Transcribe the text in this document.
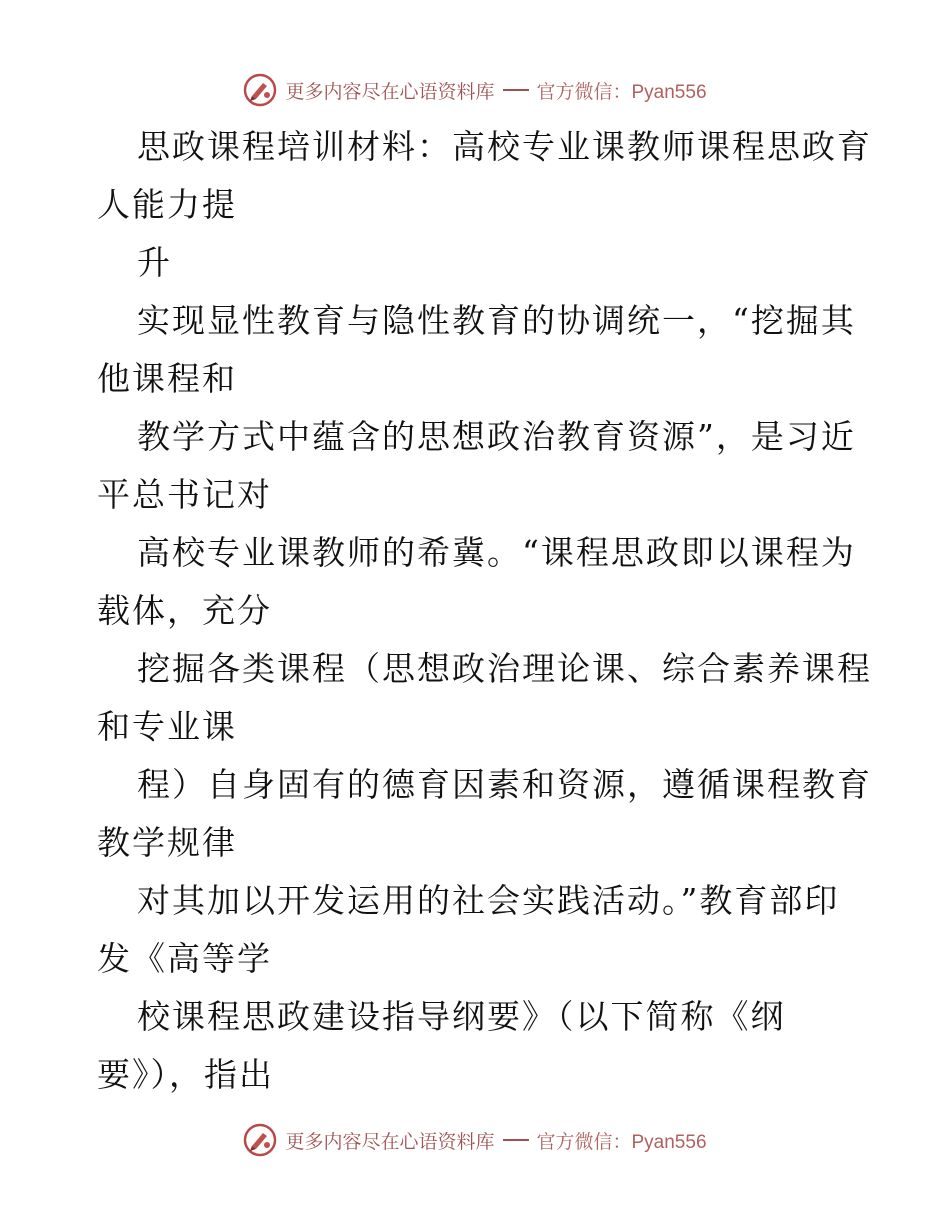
更多内容尽在心语资料库 官方微信：Pyan556
思政课程培训材料：高校专业课教师课程思政育
人能力提
升
实现显性教育与隐性教育的协调统一，“挖掘其
他课程和
教学方式中蕴含的思想政治教育资源”，是习近
平总书记对
高校专业课教师的希冀。“课程思政即以课程为
载体，充分
挖掘各类课程（思想政治理论课、综合素养课程
和专业课
程）自身固有的德育因素和资源，遵循课程教育
教学规律
对其加以开发运用的社会实践活动。”教育部印
发《高等学
校课程思政建设指导纲要》（以下简称《纲
要》），指出
更多内容尽在心语资料库 官方微信：Pyan556
